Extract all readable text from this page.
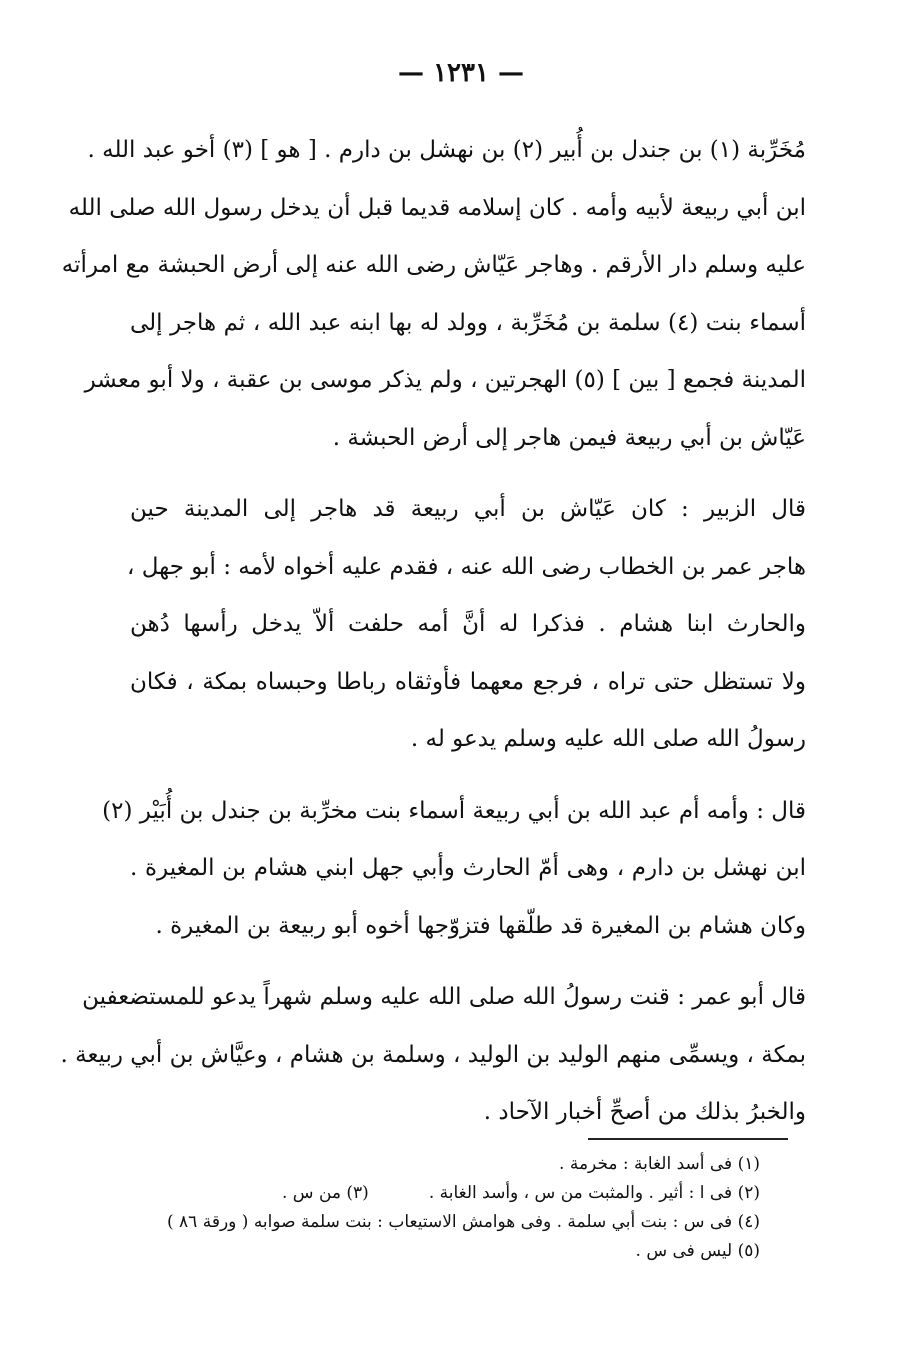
— ١٢٣١ —

مُخَرِّبة (١) بن جندل بن أُبير (٢) بن نهشل بن دارم . [ هو ] (٣) أخو عبد الله .
ابن أبي ربيعة لأبيه وأمه . كان إسلامه قديما قبل أن يدخل رسول الله صلى الله
عليه وسلم دار الأرقم . وهاجر عَيّاش رضى الله عنه إلى أرض الحبشة مع امرأته
أسماء بنت (٤) سلمة بن مُخَرِّبة ، وولد له بها ابنه عبد الله ، ثم هاجر إلى
المدينة فجمع [ بين ] (٥) الهجرتين ، ولم يذكر موسى بن عقبة ، ولا أبو معشر
عَيّاش بن أبي ربيعة فيمن هاجر إلى أرض الحبشة .

قال الزبير : كان عَيّاش بن أبي ربيعة قد هاجر إلى المدينة حين
هاجر عمر بن الخطاب رضى الله عنه ، فقدم عليه أخواه لأمه : أبو جهل ،
والحارث ابنا هشام . فذكرا له أنَّ أمه حلفت ألاّ يدخل رأسها دُهن
ولا تستظل حتى تراه ، فرجع معهما فأوثقاه رباطا وحبساه بمكة ، فكان
رسولُ الله صلى الله عليه وسلم يدعو له .

قال : وأمه أم عبد الله بن أبي ربيعة أسماء بنت مخرِّبة بن جندل بن أُبَيْر (٢)
ابن نهشل بن دارم ، وهى أمّ الحارث وأبي جهل ابني هشام بن المغيرة .
وكان هشام بن المغيرة قد طلّقها فتزوّجها أخوه أبو ربيعة بن المغيرة .

قال أبو عمر : قنت رسولُ الله صلى الله عليه وسلم شهراً يدعو للمستضعفين
بمكة ، ويسمِّى منهم الوليد بن الوليد ، وسلمة بن هشام ، وعيَّاش بن أبي ربيعة .
والخبرُ بذلك من أصحِّ أخبار الآحاد .

(١) فى أسد الغابة : مخرمة .
(٢) فى ا : أثير . والمثبت من س ، وأسد الغابة .(٣) من س .
(٤) فى س : بنت أبي سلمة . وفى هوامش الاستيعاب : بنت سلمة صوابه ( ورقة ٨٦ )
(٥) ليس فى س .
